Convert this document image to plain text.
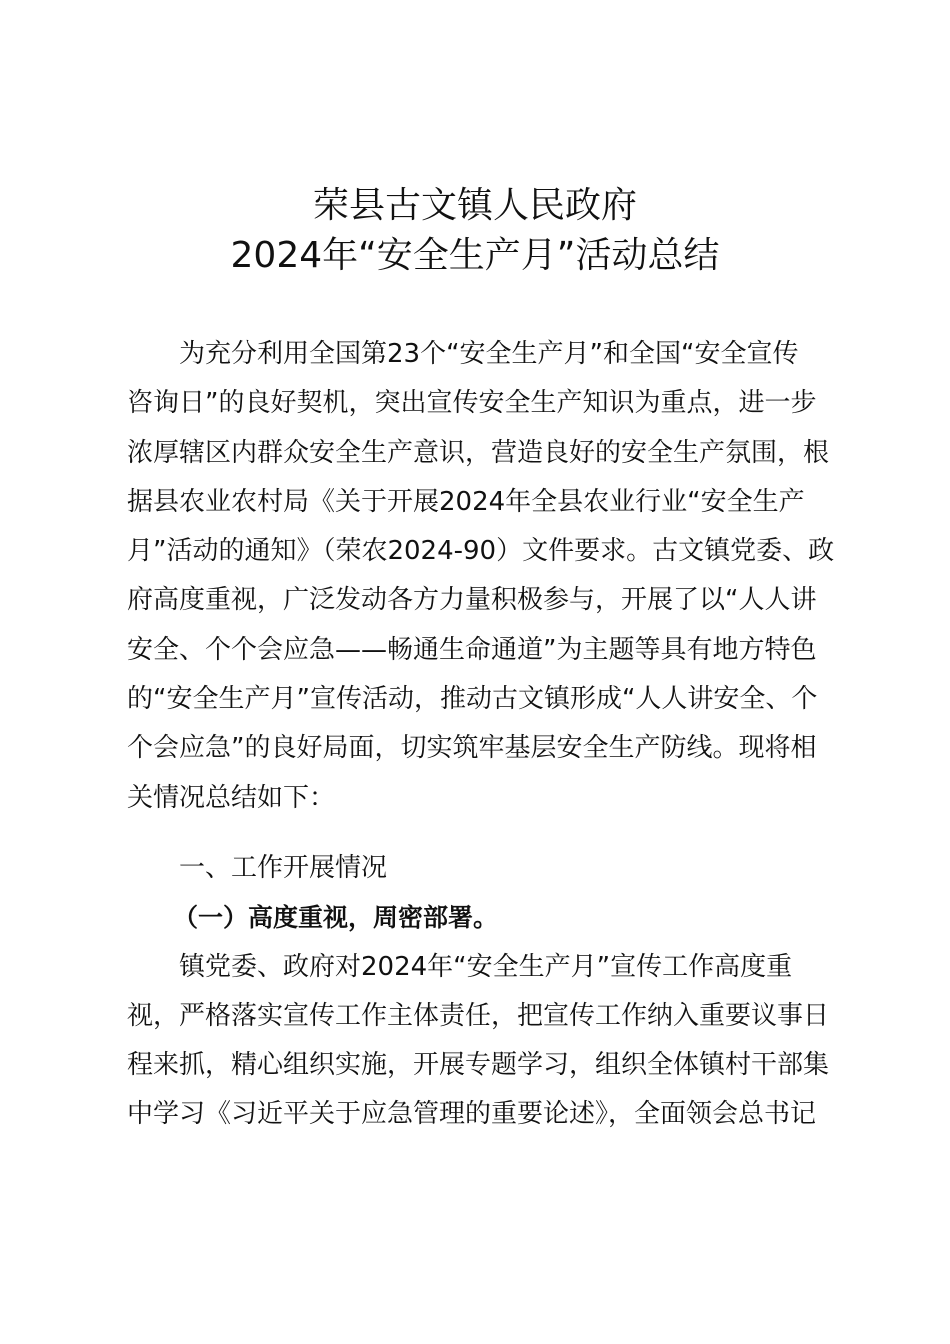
荣县古文镇人民政府
2024年“安全生产月”活动总结

为充分利用全国第23个“安全生产月”和全国“安全宣传
咨询日”的良好契机，突出宣传安全生产知识为重点，进一步
浓厚辖区内群众安全生产意识，营造良好的安全生产氛围，根
据县农业农村局《关于开展2024年全县农业行业“安全生产
月”活动的通知》（荣农2024-90）文件要求。古文镇党委、政
府高度重视，广泛发动各方力量积极参与，开展了以“人人讲
安全、个个会应急——畅通生命通道”为主题等具有地方特色
的“安全生产月”宣传活动，推动古文镇形成“人人讲安全、个
个会应急”的良好局面，切实筑牢基层安全生产防线。现将相
关情况总结如下：

一、工作开展情况
（一）高度重视，周密部署。

镇党委、政府对2024年“安全生产月”宣传工作高度重
视，严格落实宣传工作主体责任，把宣传工作纳入重要议事日
程来抓，精心组织实施，开展专题学习，组织全体镇村干部集
中学习《习近平关于应急管理的重要论述》，全面领会总书记
